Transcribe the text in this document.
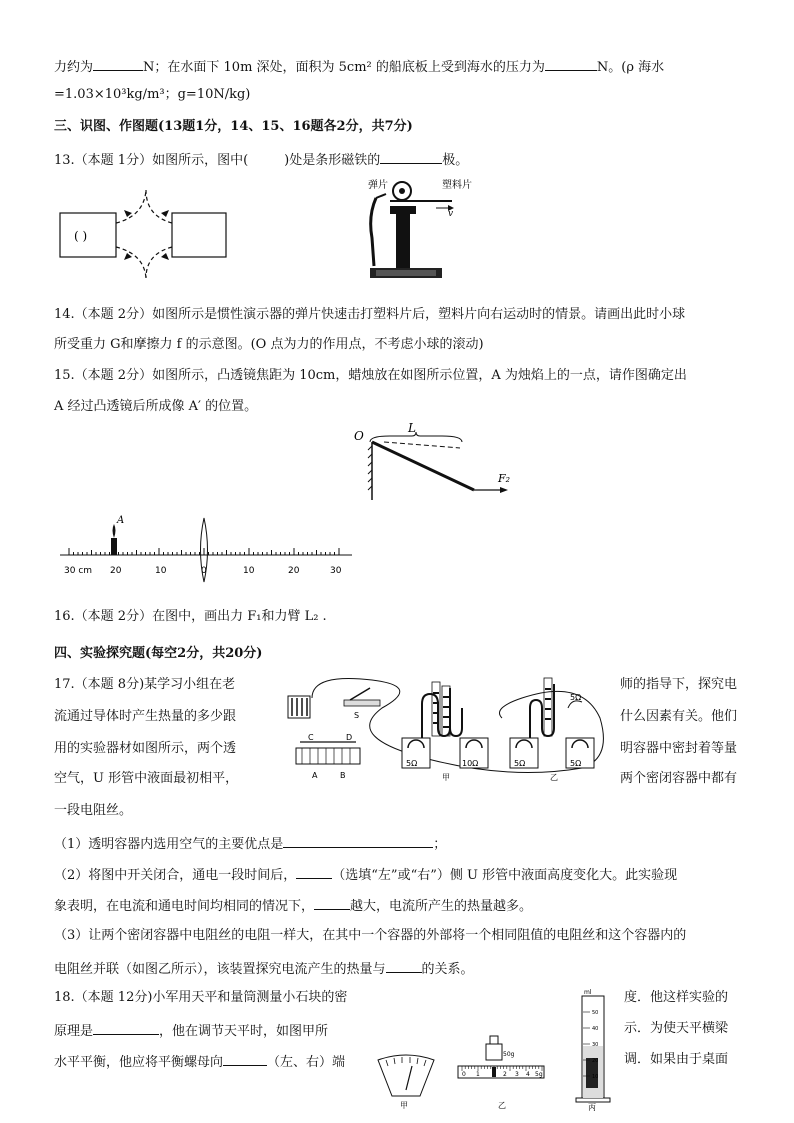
力约为	N；在水面下 10m 深处，面积为 5cm² 的船底板上受到海水的压力为	N。(ρ 海水
=1.03×10³kg/m³；g=10N/kg)
三、识图、作图题(13题1分，14、15、16题各2分，共7分)
13.（本题 1分）如图所示，图中(	)处是条形磁铁的	极。
( )
弹片	塑料片
v
14.（本题 2分）如图所示是惯性演示器的弹片快速击打塑料片后，塑料片向右运动时的情景。请画出此时小球
所受重力 G和摩擦力 f 的示意图。(O 点为力的作用点，不考虑小球的滚动)
15.（本题 2分）如图所示，凸透镜焦距为 10cm，蜡烛放在如图所示位置，A 为烛焰上的一点，请作图确定出
A 经过凸透镜后所成像 A′ 的位置。
O
L
F₂
A
30 cm 20	10	0	10	20	30
16.（本题 2分）在图中，画出力 F₁和力臂 L₂ .
四、实验探究题(每空2分，共20分)
17.（本题 8分)某学习小组在老	师的指导下，探究电
流通过导体时产生热量的多少跟	什么因素有关。他们
用的实验器材如图所示，两个透	明容器中密封着等量
空气，U 形管中液面最初相平，	两个密闭容器中都有
一段电阻丝。
S
C	D
A	B
5Ω	10Ω
甲
5Ω
5Ω	5Ω
乙
（1）透明容器内选用空气的主要优点是	；
（2）将图中开关闭合，通电一段时间后，	（选填“左”或“右”）侧 U 形管中液面高度变化大。此实验现
象表明，在电流和通电时间均相同的情况下，	越大，电流所产生的热量越多。
（3）让两个密闭容器中电阻丝的电阻一样大，在其中一个容器的外部将一个相同阻值的电阻丝和这个容器内的
电阻丝并联（如图乙所示），该装置探究电流产生的热量与	的关系。
18.（本题 12分)小军用天平和量筒测量小石块的密	度．他这样实验的
原理是	，他在调节天平时，如图甲所	示．为使天平横梁
水平平衡，他应将平衡螺母向	（左、右）端	调．如果由于桌面
甲
50g
0 1	2 3 4 5g
乙
ml
50
40
30
20
10
丙
